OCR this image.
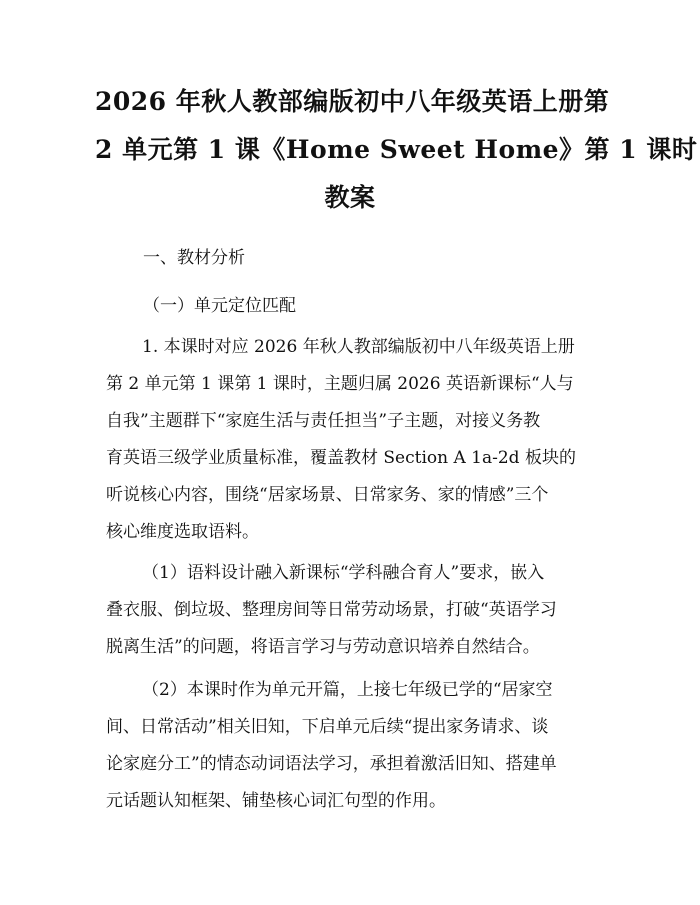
2026 年秋人教部编版初中八年级英语上册第
2 单元第 1 课《Home Sweet Home》第 1 课时
教案

一、教材分析

（一）单元定位匹配

1. 本课时对应 2026 年秋人教部编版初中八年级英语上册
第 2 单元第 1 课第 1 课时，主题归属 2026 英语新课标“人与
自我”主题群下“家庭生活与责任担当”子主题，对接义务教
育英语三级学业质量标准，覆盖教材 Section A 1a-2d 板块的
听说核心内容，围绕“居家场景、日常家务、家的情感”三个
核心维度选取语料。

（1）语料设计融入新课标“学科融合育人”要求，嵌入
叠衣服、倒垃圾、整理房间等日常劳动场景，打破“英语学习
脱离生活”的问题，将语言学习与劳动意识培养自然结合。

（2）本课时作为单元开篇，上接七年级已学的“居家空
间、日常活动”相关旧知，下启单元后续“提出家务请求、谈
论家庭分工”的情态动词语法学习，承担着激活旧知、搭建单
元话题认知框架、铺垫核心词汇句型的作用。
